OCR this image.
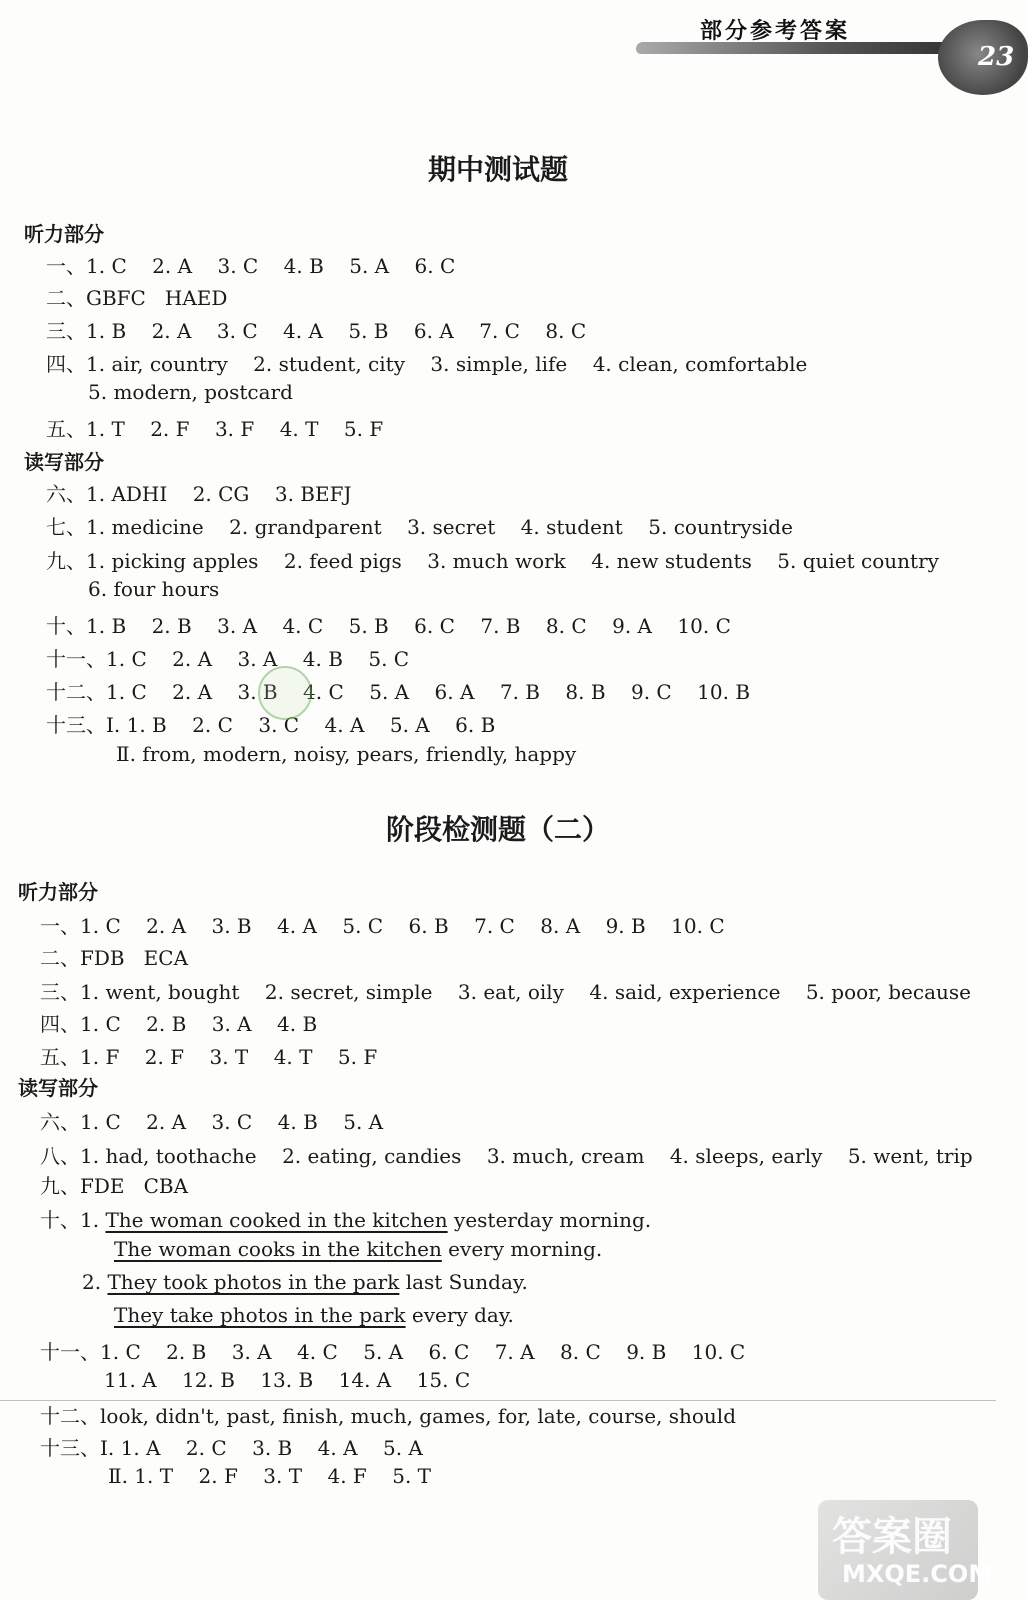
部分参考答案
23
期中测试题
听力部分
一、1. C    2. A    3. C    4. B    5. A    6. C
二、GBFC   HAED
三、1. B    2. A    3. C    4. A    5. B    6. A    7. C    8. C
四、1. air, country    2. student, city    3. simple, life    4. clean, comfortable
5. modern, postcard
五、1. T    2. F    3. F    4. T    5. F
读写部分
六、1. ADHI    2. CG    3. BEFJ
七、1. medicine    2. grandparent    3. secret    4. student    5. countryside
九、1. picking apples    2. feed pigs    3. much work    4. new students    5. quiet country
6. four hours
十、1. B    2. B    3. A    4. C    5. B    6. C    7. B    8. C    9. A    10. C
十一、1. C    2. A    3. A    4. B    5. C
十二、1. C    2. A    3. B    4. C    5. A    6. A    7. B    8. B    9. C    10. B
十三、Ⅰ. 1. B    2. C    3. C    4. A    5. A    6. B
Ⅱ. from, modern, noisy, pears, friendly, happy
阶段检测题（二）
听力部分
一、1. C    2. A    3. B    4. A    5. C    6. B    7. C    8. A    9. B    10. C
二、FDB   ECA
三、1. went, bought    2. secret, simple    3. eat, oily    4. said, experience    5. poor, because
四、1. C    2. B    3. A    4. B
五、1. F    2. F    3. T    4. T    5. F
读写部分
六、1. C    2. A    3. C    4. B    5. A
八、1. had, toothache    2. eating, candies    3. much, cream    4. sleeps, early    5. went, trip
九、FDE   CBA
十、1. The woman cooked in the kitchen yesterday morning.
The woman cooks in the kitchen every morning.
2. They took photos in the park last Sunday.
They take photos in the park every day.
十一、1. C    2. B    3. A    4. C    5. A    6. C    7. A    8. C    9. B    10. C
11. A    12. B    13. B    14. A    15. C
十二、look, didn't, past, finish, much, games, for, late, course, should
十三、Ⅰ. 1. A    2. C    3. B    4. A    5. A
Ⅱ. 1. T    2. F    3. T    4. F    5. T
答案圈
MXQE.COM
